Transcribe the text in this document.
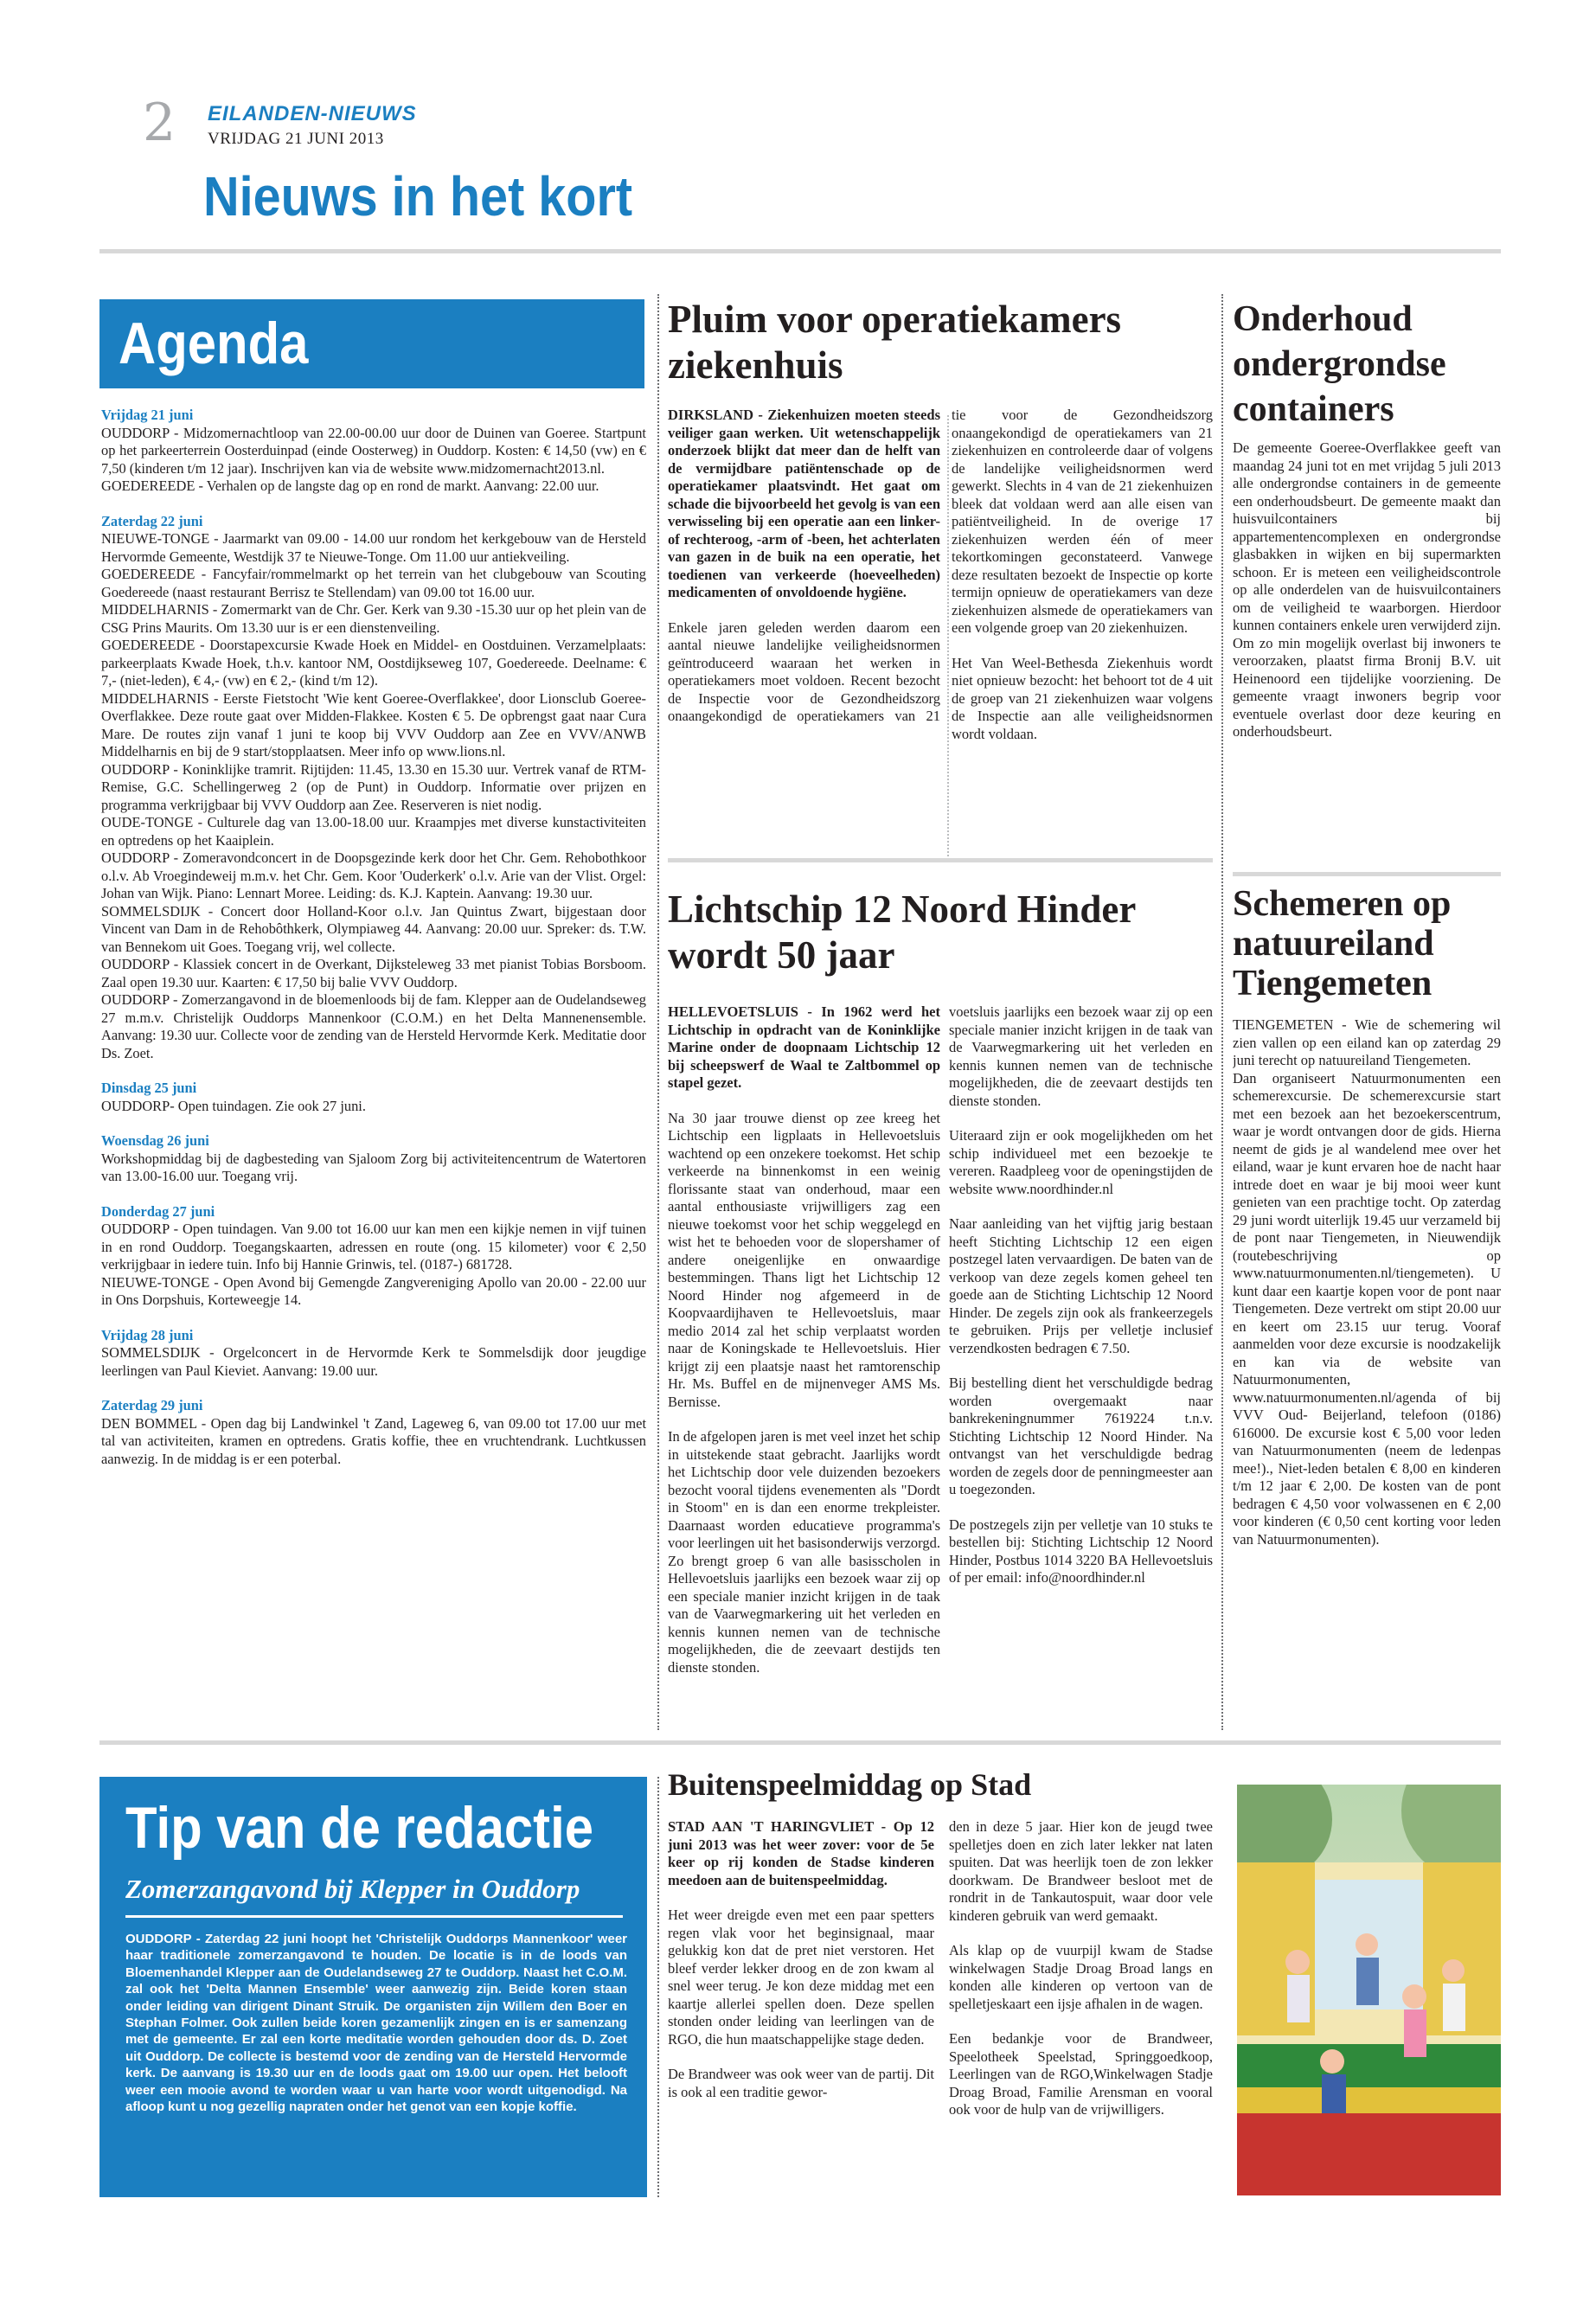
2 EILANDEN-NIEUWS
VRIJDAG 21 JUNI 2013
Nieuws in het kort
Agenda
Vrijdag 21 juni
OUDDORP - Midzomernachtloop van 22.00-00.00 uur door de Duinen van Goeree. Startpunt op het parkeerterrein Oosterduinpad (einde Oosterweg) in Ouddorp. Kosten: € 14,50 (vw) en € 7,50 (kinderen t/m 12 jaar). Inschrijven kan via de website www.midzomernacht2013.nl.
GOEDEREEDE - Verhalen op de langste dag op en rond de markt. Aanvang: 22.00 uur.
Zaterdag 22 juni
NIEUWE-TONGE - Jaarmarkt van 09.00 - 14.00 uur rondom het kerkgebouw van de Hersteld Hervormde Gemeente, Westdijk 37 te Nieuwe-Tonge. Om 11.00 uur antiekveiling.
GOEDEREEDE - Fancyfair/rommelmarkt op het terrein van het clubgebouw van Scouting Goedereede (naast restaurant Berrisz te Stellendam) van 09.00 tot 16.00 uur.
MIDDELHARNIS - Zomermarkt van de Chr. Ger. Kerk van 9.30 -15.30 uur op het plein van de CSG Prins Maurits. Om 13.30 uur is er een dienstenveiling.
GOEDEREEDE - Doorstapexcursie Kwade Hoek en Middel- en Oostduinen. Verzamelplaats: parkeerplaats Kwade Hoek, t.h.v. kantoor NM, Oostdijkseweg 107, Goedereede. Deelname: € 7,- (niet-leden), € 4,- (vw) en € 2,- (kind t/m 12).
MIDDELHARNIS - Eerste Fietstocht 'Wie kent Goeree-Overflakkee', door Lionsclub Goeree-Overflakkee. Deze route gaat over Midden-Flakkee. Kosten € 5. De opbrengst gaat naar Cura Mare. De routes zijn vanaf 1 juni te koop bij VVV Ouddorp aan Zee en VVV/ANWB Middelharnis en bij de 9 start/stopplaatsen. Meer info op www.lions.nl.
OUDDORP - Koninklijke tramrit. Rijtijden: 11.45, 13.30 en 15.30 uur. Vertrek vanaf de RTM-Remise, G.C. Schellingerweg 2 (op de Punt) in Ouddorp. Informatie over prijzen en programma verkrijgbaar bij VVV Ouddorp aan Zee. Reserveren is niet nodig.
OUDE-TONGE - Culturele dag van 13.00-18.00 uur. Kraampjes met diverse kunstactiviteiten en optredens op het Kaaiplein.
OUDDORP - Zomeravondconcert in de Doopsgezinde kerk door het Chr. Gem. Rehobothkoor o.l.v. Ab Vroegindeweij m.m.v. het Chr. Gem. Koor 'Ouderkerk' o.l.v. Arie van der Vlist. Orgel: Johan van Wijk. Piano: Lennart Moree. Leiding: ds. K.J. Kaptein. Aanvang: 19.30 uur.
SOMMELSDIJK - Concert door Holland-Koor o.l.v. Jan Quintus Zwart, bijgestaan door Vincent van Dam in de Rehobôthkerk, Olympiaweg 44. Aanvang: 20.00 uur. Spreker: ds. T.W. van Bennekom uit Goes. Toegang vrij, wel collecte.
OUDDORP - Klassiek concert in de Overkant, Dijksteleweg 33 met pianist Tobias Borsboom. Zaal open 19.30 uur. Kaarten: € 17,50 bij balie VVV Ouddorp.
OUDDORP - Zomerzangavond in de bloemenloods bij de fam. Klepper aan de Oudelandseweg 27 m.m.v. Christelijk Ouddorps Mannenkoor (C.O.M.) en het Delta Mannenensemble. Aanvang: 19.30 uur. Collecte voor de zending van de Hersteld Hervormde Kerk. Meditatie door Ds. Zoet.
Dinsdag 25 juni
OUDDORP- Open tuindagen. Zie ook 27 juni.
Woensdag 26 juni
Workshopmiddag bij de dagbesteding van Sjaloom Zorg bij activiteitencentrum de Watertoren van 13.00-16.00 uur. Toegang vrij.
Donderdag 27 juni
OUDDORP - Open tuindagen. Van 9.00 tot 16.00 uur kan men een kijkje nemen in vijf tuinen in en rond Ouddorp. Toegangskaarten, adressen en route (ong. 15 kilometer) voor € 2,50 verkrijgbaar in iedere tuin. Info bij Hannie Grinwis, tel. (0187-) 681728.
NIEUWE-TONGE - Open Avond bij Gemengde Zangvereniging Apollo van 20.00 - 22.00 uur in Ons Dorpshuis, Korteweegje 14.
Vrijdag 28 juni
SOMMELSDIJK - Orgelconcert in de Hervormde Kerk te Sommelsdijk door jeugdige leerlingen van Paul Kieviet. Aanvang: 19.00 uur.
Zaterdag 29 juni
DEN BOMMEL - Open dag bij Landwinkel 't Zand, Lageweg 6, van 09.00 tot 17.00 uur met tal van activiteiten, kramen en optredens. Gratis koffie, thee en vruchtendrank. Luchtkussen aanwezig. In de middag is er een poterbal.
Pluim voor operatiekamers ziekenhuis

DIRKSLAND - Ziekenhuizen moeten steeds veiliger gaan werken. Uit wetenschappelijk onderzoek blijkt dat meer dan de helft van de vermijdbare patiëntenschade op de operatiekamer plaatsvindt. Het gaat om schade die bijvoorbeeld het gevolg is van een verwisseling bij een operatie aan een linker- of rechteroog, -arm of -been, het achterlaten van gazen in de buik na een operatie, het toedienen van verkeerde (hoeveelheden) medicamenten of onvoldoende hygiëne.

Enkele jaren geleden werden daarom een aantal nieuwe landelijke veiligheidsnormen geïntroduceerd waaraan het werken in operatiekamers moet voldoen. Recent bezocht de Inspectie voor de Gezondheidszorg onaangekondigd de operatiekamers van 21

tie voor de Gezondheidszorg onaangekondigd de operatiekamers van 21 ziekenhuizen en controleerde daar of volgens de landelijke veiligheidsnormen werd gewerkt. Slechts in 4 van de 21 ziekenhuizen bleek dat voldaan werd aan alle eisen van patiëntveiligheid. In de overige 17 ziekenhuizen werden één of meer tekortkomingen geconstateerd. Vanwege deze resultaten bezoekt de Inspectie op korte termijn opnieuw de operatiekamers van deze ziekenhuizen alsmede de operatiekamers van een volgende groep van 20 ziekenhuizen.

Het Van Weel-Bethesda Ziekenhuis wordt niet opnieuw bezocht: het behoort tot de 4 uit de groep van 21 ziekenhuizen waar volgens de Inspectie aan alle veiligheidsnormen wordt voldaan.

Onderhoud ondergrondse containers

De gemeente Goeree-Overflakkee geeft van maandag 24 juni tot en met vrijdag 5 juli 2013 alle ondergrondse containers in de gemeente een onderhoudsbeurt. De gemeente maakt dan huisvuilcontainers bij appartementencomplexen en ondergrondse glasbakken in wijken en bij supermarkten schoon. Er is meteen een veiligheidscontrole op alle onderdelen van de huisvuilcontainers om de veiligheid te waarborgen. Hierdoor kunnen containers enkele uren verwijderd zijn. Om zo min mogelijk overlast bij inwoners te veroorzaken, plaatst firma Bronij B.V. uit Heinenoord een tijdelijke voorziening. De gemeente vraagt inwoners begrip voor eventuele overlast door deze keuring en onderhoudsbeurt.

Lichtschip 12 Noord Hinder wordt 50 jaar

HELLEVOETSLUIS - In 1962 werd het Lichtschip in opdracht van de Koninklijke Marine onder de doopnaam Lichtschip 12 bij scheepswerf de Waal te Zaltbommel op stapel gezet.

Na 30 jaar trouwe dienst op zee kreeg het Lichtschip een ligplaats in Hellevoetsluis wachtend op een onzekere toekomst. Het schip verkeerde na binnenkomst in een weinig florissante staat van onderhoud, maar een aantal enthousiaste vrijwilligers zag een nieuwe toekomst voor het schip weggelegd en wist het te behoeden voor de slopershamer of andere oneigenlijke en onwaardige bestemmingen. Thans ligt het Lichtschip 12 Noord Hinder nog afgemeerd in de Koopvaardijhaven te Hellevoetsluis, maar medio 2014 zal het schip verplaatst worden naar de Koningskade te Hellevoetsluis. Hier krijgt zij een plaatsje naast het ramtorenschip Hr. Ms. Buffel en de mijnenveger AMS Ms. Bernisse.

In de afgelopen jaren is met veel inzet het schip in uitstekende staat gebracht. Jaarlijks wordt het Lichtschip door vele duizenden bezoekers bezocht vooral tijdens evenementen als "Dordt in Stoom" en is dan een enorme trekpleister. Daarnaast worden educatieve programma's voor leerlingen uit het basisonderwijs verzorgd. Zo brengt groep 6 van alle basisscholen in Hellevoetsluis jaarlijks een bezoek waar zij op een speciale manier inzicht krijgen in de taak van de Vaarwegmarkering uit het verleden en kennis kunnen nemen van de technische mogelijkheden, die de zeevaart destijds ten dienste stonden.

voetsluis jaarlijks een bezoek waar zij op een speciale manier inzicht krijgen in de taak van de Vaarwegmarkering uit het verleden en kennis kunnen nemen van de technische mogelijkheden, die de zeevaart destijds ten dienste stonden.

Uiteraard zijn er ook mogelijkheden om het schip individueel met een bezoekje te vereren. Raadpleeg voor de openingstijden de website www.noordhinder.nl

Naar aanleiding van het vijftig jarig bestaan heeft Stichting Lichtschip 12 een eigen postzegel laten vervaardigen. De baten van de verkoop van deze zegels komen geheel ten goede aan de Stichting Lichtschip 12 Noord Hinder. De zegels zijn ook als frankeerzegels te gebruiken. Prijs per velletje inclusief verzendkosten bedragen € 7.50.

Bij bestelling dient het verschuldigde bedrag worden overgemaakt naar bankrekeningnummer 7619224 t.n.v. Stichting Lichtschip 12 Noord Hinder. Na ontvangst van het verschuldigde bedrag worden de zegels door de penningmeester aan u toegezonden.

De postzegels zijn per velletje van 10 stuks te bestellen bij: Stichting Lichtschip 12 Noord Hinder, Postbus 1014 3220 BA Hellevoetsluis of per email: info@noordhinder.nl

Schemeren op natuureiland Tiengemeten

TIENGEMETEN - Wie de schemering wil zien vallen op een eiland kan op zaterdag 29 juni terecht op natuureiland Tiengemeten.

Dan organiseert Natuurmonumenten een schemerexcursie. De schemerexcursie start met een bezoek aan het bezoekerscentrum, waar je wordt ontvangen door de gids. Hierna neemt de gids je al wandelend mee over het eiland, waar je kunt ervaren hoe de nacht haar intrede doet en waar je bij mooi weer kunt genieten van een prachtige tocht. Op zaterdag 29 juni wordt uiterlijk 19.45 uur verzameld bij de pont naar Tiengemeten, in Nieuwendijk (routebeschrijving op www.natuurmonumenten.nl/tiengemeten). U kunt daar een kaartje kopen voor de pont naar Tiengemeten. Deze vertrekt om stipt 20.00 uur en keert om 23.15 uur terug. Vooraf aanmelden voor deze excursie is noodzakelijk en kan via de website van Natuurmonumenten, www.natuurmonumenten.nl/agenda of bij VVV Oud- Beijerland, telefoon (0186) 616000. De excursie kost € 5,00 voor leden van Natuurmonumenten (neem de ledenpas mee!)., Niet-leden betalen € 8,00 en kinderen t/m 12 jaar € 2,00. De kosten van de pont bedragen € 4,50 voor volwassenen en € 2,00 voor kinderen (€ 0,50 cent korting voor leden van Natuurmonumenten).

Tip van de redactie
Zomerzangavond bij Klepper in Ouddorp
OUDDORP - Zaterdag 22 juni hoopt het 'Christelijk Ouddorps Mannenkoor' weer haar traditionele zomerzangavond te houden. De locatie is in de loods van Bloemenhandel Klepper aan de Oudelandseweg 27 te Ouddorp. Naast het C.O.M. zal ook het 'Delta Mannen Ensemble' weer aanwezig zijn. Beide koren staan onder leiding van dirigent Dinant Struik. De organisten zijn Willem den Boer en Stephan Folmer. Ook zullen beide koren gezamenlijk zingen en is er samenzang met de gemeente. Er zal een korte meditatie worden gehouden door ds. D. Zoet uit Ouddorp. De collecte is bestemd voor de zending van de Hersteld Hervormde kerk. De aanvang is 19.30 uur en de loods gaat om 19.00 uur open. Het belooft weer een mooie avond te worden waar u van harte voor wordt uitgenodigd. Na afloop kunt u nog gezellig napraten onder het genot van een kopje koffie.
Buitenspeelmiddag op Stad

STAD AAN 'T HARINGVLIET - Op 12 juni 2013 was het weer zover: voor de 5e keer op rij konden de Stadse kinderen meedoen aan de buitenspeelmiddag.

Het weer dreigde even met een paar spetters regen vlak voor het beginsignaal, maar gelukkig kon dat de pret niet verstoren. Het bleef verder lekker droog en de zon kwam al snel weer terug. Je kon deze middag met een kaartje allerlei spellen doen. Deze spellen stonden onder leiding van leerlingen van de RGO, die hun maatschappelijke stage deden.

De Brandweer was ook weer van de partij. Dit is ook al een traditie gewor-

den in deze 5 jaar. Hier kon de jeugd twee spelletjes doen en zich later lekker nat laten spuiten. Dat was heerlijk toen de zon lekker doorkwam. De Brandweer besloot met de rondrit in de Tankautospuit, waar door vele kinderen gebruik van werd gemaakt.

Als klap op de vuurpijl kwam de Stadse winkelwagen Stadje Droag Broad langs en konden alle kinderen op vertoon van de spelletjeskaart een ijsje afhalen in de wagen.

Een bedankje voor de Brandweer, Speelotheek Speelstad, Springgoedkoop, Leerlingen van de RGO,Winkelwagen Stadje Droag Broad, Familie Arensman en vooral ook voor de hulp van de vrijwilligers.
